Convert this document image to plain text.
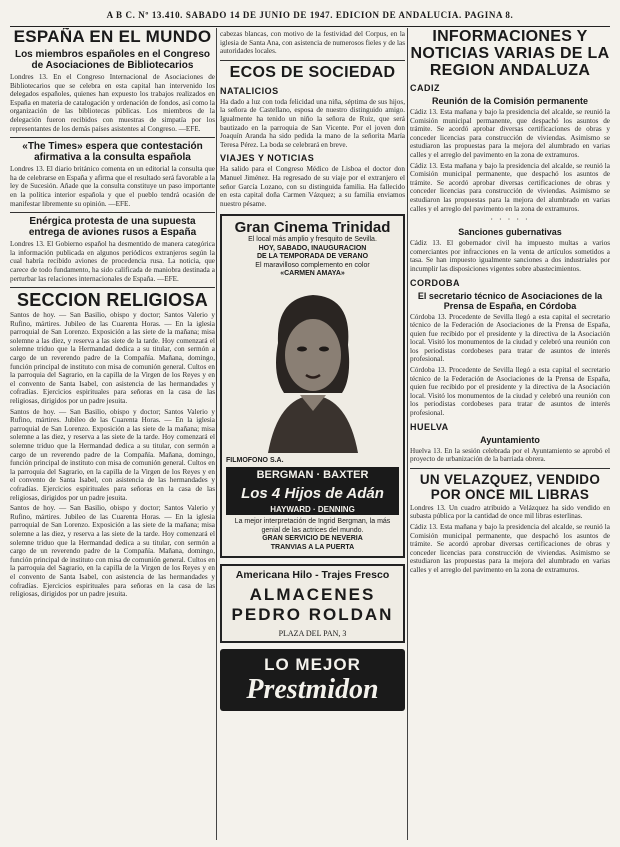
A B C. Nº 13.410. SABADO 14 DE JUNIO DE 1947. EDICION DE ANDALUCIA. PAGINA 8.
ESPAÑA EN EL MUNDO
Los miembros españoles en el Congreso de Asociaciones de Bibliotecarios
Londres 13. En el Congreso Internacional de Asociaciones de Bibliotecarios que se celebra en esta capital han intervenido los delegados españoles, quienes han expuesto los trabajos realizados en España en materia de catalogación y ordenación de fondos, así como la organización de las bibliotecas públicas. Los miembros de la delegación fueron recibidos con muestras de simpatía por los representantes de los demás países asistentes al Congreso. —EFE.
«The Times» espera que contestación afirmativa a la consulta española
Londres 13. El diario británico comenta en un editorial la consulta que ha de celebrarse en España y afirma que el resultado será favorable a la ley de Sucesión. Añade que la consulta constituye un paso importante en la política interior española y que el pueblo tendrá ocasión de manifestar libremente su opinión. —EFE.
Enérgica protesta de una supuesta entrega de aviones rusos a España
Londres 13. El Gobierno español ha desmentido de manera categórica la información publicada en algunos periódicos extranjeros según la cual habría recibido aviones de procedencia rusa. La noticia, que carece de todo fundamento, ha sido calificada de maniobra destinada a perturbar las relaciones internacionales de España. —EFE.
SECCION RELIGIOSA
Santos de hoy. — San Basilio, obispo y doctor; Santos Valerio y Rufino, mártires. Jubileo de las Cuarenta Horas. — En la iglesia parroquial de San Lorenzo. Exposición a las siete de la mañana; misa solemne a las diez, y reserva a las siete de la tarde. Hoy comenzará el solemne triduo que la Hermandad dedica a su titular, con sermón a cargo de un reverendo padre de la Compañía. Mañana, domingo, función principal de instituto con misa de comunión general. Cultos en la parroquia del Sagrario, en la capilla de la Virgen de los Reyes y en el convento de Santa Isabel, con asistencia de las hermandades y cofradías. Ejercicios espirituales para señoras en la casa de las religiosas, dirigidos por un padre jesuita.
Santos de hoy. — San Basilio, obispo y doctor; Santos Valerio y Rufino, mártires. Jubileo de las Cuarenta Horas. — En la iglesia parroquial de San Lorenzo. Exposición a las siete de la mañana; misa solemne a las diez, y reserva a las siete de la tarde. Hoy comenzará el solemne triduo que la Hermandad dedica a su titular, con sermón a cargo de un reverendo padre de la Compañía. Mañana, domingo, función principal de instituto con misa de comunión general. Cultos en la parroquia del Sagrario, en la capilla de la Virgen de los Reyes y en el convento de Santa Isabel, con asistencia de las hermandades y cofradías. Ejercicios espirituales para señoras en la casa de las religiosas, dirigidos por un padre jesuita.
Santos de hoy. — San Basilio, obispo y doctor; Santos Valerio y Rufino, mártires. Jubileo de las Cuarenta Horas. — En la iglesia parroquial de San Lorenzo. Exposición a las siete de la mañana; misa solemne a las diez, y reserva a las siete de la tarde. Hoy comenzará el solemne triduo que la Hermandad dedica a su titular, con sermón a cargo de un reverendo padre de la Compañía. Mañana, domingo, función principal de instituto con misa de comunión general. Cultos en la parroquia del Sagrario, en la capilla de la Virgen de los Reyes y en el convento de Santa Isabel, con asistencia de las hermandades y cofradías. Ejercicios espirituales para señoras en la casa de las religiosas, dirigidos por un padre jesuita.
cabezas blancas, con motivo de la festividad del Corpus, en la iglesia de Santa Ana, con asistencia de numerosos fieles y de las autoridades locales.
ECOS DE SOCIEDAD
NATALICIOS
Ha dado a luz con toda felicidad una niña, séptima de sus hijos, la señora de Castellano, esposa de nuestro distinguido amigo. Igualmente ha tenido un niño la señora de Ruiz, que será bautizado en la parroquia de San Vicente. Por el joven don Joaquín Aranda ha sido pedida la mano de la señorita María Teresa Pérez. La boda se celebrará en breve.
VIAJES Y NOTICIAS
Ha salido para el Congreso Médico de Lisboa el doctor don Manuel Jiménez. Ha regresado de su viaje por el extranjero el señor García Lozano, con su distinguida familia. Ha fallecido en esta capital doña Carmen Vázquez; a su familia enviamos nuestro pésame.
Gran Cinema Trinidad
El local más amplio y fresquito de Sevilla.
HOY, SABADO, INAUGURACION
DE LA TEMPORADA DE VERANO
El maravilloso complemento en color
«CARMEN AMAYA»
FILMOFONO S.A.
BERGMAN · BAXTER
Los 4 Hijos de Adán
HAYWARD · DENNING
La mejor interpretación de Ingrid Bergman, la más genial de las actrices del mundo.
GRAN SERVICIO DE NEVERIA
TRANVIAS A LA PUERTA
Americana Hilo - Trajes Fresco
ALMACENES
PEDRO ROLDAN
PLAZA DEL PAN, 3
LO MEJOR
Prestmidon
INFORMACIONES Y NOTICIAS VARIAS DE LA REGION ANDALUZA
CADIZ
Reunión de la Comisión permanente
Cádiz 13. Esta mañana y bajo la presidencia del alcalde, se reunió la Comisión municipal permanente, que despachó los asuntos de trámite. Se acordó aprobar diversas certificaciones de obras y conceder licencias para construcción de viviendas. Asimismo se estudiaron las propuestas para la mejora del alumbrado en varias calles y el arreglo del pavimento en la zona de extramuros.
Cádiz 13. Esta mañana y bajo la presidencia del alcalde, se reunió la Comisión municipal permanente, que despachó los asuntos de trámite. Se acordó aprobar diversas certificaciones de obras y conceder licencias para construcción de viviendas. Asimismo se estudiaron las propuestas para la mejora del alumbrado en varias calles y el arreglo del pavimento en la zona de extramuros.
· · · · ·
Sanciones gubernativas
Cádiz 13. El gobernador civil ha impuesto multas a varios comerciantes por infracciones en la venta de artículos sometidos a tasa. Se han impuesto igualmente sanciones a dos industriales por incumplir las disposiciones vigentes sobre abastecimientos.
CORDOBA
El secretario técnico de Asociaciones de la Prensa de España, en Córdoba
Córdoba 13. Procedente de Sevilla llegó a esta capital el secretario técnico de la Federación de Asociaciones de la Prensa de España, quien fue recibido por el presidente y la directiva de la Asociación local. Visitó los monumentos de la ciudad y celebró una reunión con los periodistas cordobeses para tratar de asuntos de interés profesional.
Córdoba 13. Procedente de Sevilla llegó a esta capital el secretario técnico de la Federación de Asociaciones de la Prensa de España, quien fue recibido por el presidente y la directiva de la Asociación local. Visitó los monumentos de la ciudad y celebró una reunión con los periodistas cordobeses para tratar de asuntos de interés profesional.
HUELVA
Ayuntamiento
Huelva 13. En la sesión celebrada por el Ayuntamiento se aprobó el proyecto de urbanización de la barriada obrera.
UN VELAZQUEZ, VENDIDO POR ONCE MIL LIBRAS
Londres 13. Un cuadro atribuido a Velázquez ha sido vendido en subasta pública por la cantidad de once mil libras esterlinas.
Cádiz 13. Esta mañana y bajo la presidencia del alcalde, se reunió la Comisión municipal permanente, que despachó los asuntos de trámite. Se acordó aprobar diversas certificaciones de obras y conceder licencias para construcción de viviendas. Asimismo se estudiaron las propuestas para la mejora del alumbrado en varias calles y el arreglo del pavimento en la zona de extramuros.
